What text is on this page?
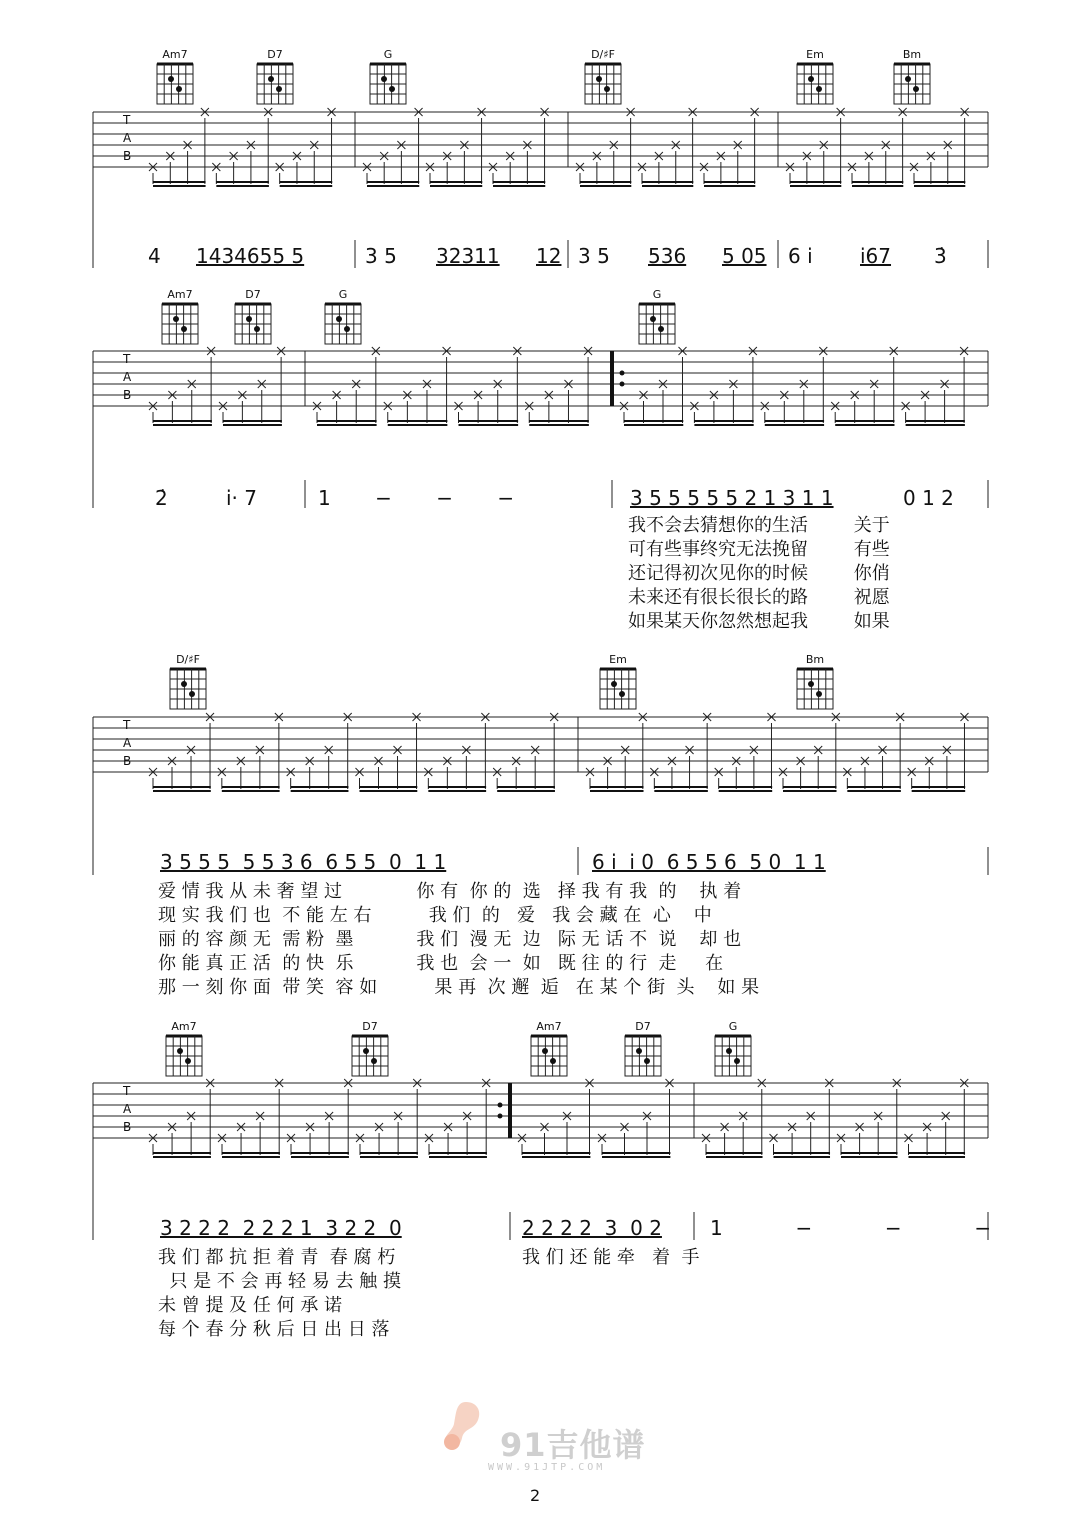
T
A
B
T
A
B
T
A
B
T
A
B
Am7	D7	G	D/♯F	Em	Bm
Am7	D7	G	G
D/♯F	Em	Bm
Am7	D7	Am7	D7	G
4 1434655 5	3 5 32311 12 3 5 536 5 05 6 i i67 3̇
2̇	i· 7	1 − − −	3 5 5 5 5 5 2 1 3 1 1	0 1 2
我不会去猜想你的生活        关于
可有些事终究无法挽留        有些
还记得初次见你的时候        你俏
未来还有很长很长的路        祝愿
如果某天你忽然想起我        如果
3 5 5 5  5 5 3 6  6 5 5  0  1 1	6 i  i 0  6 5 5 6  5 0  1 1
爱 情 我 从 未 奢 望 过             你 有  你 的  选   择 我 有 我  的    执 着
现 实 我 们 也  不 能 左 右          我 们  的   爱   我 会 藏 在  心    中
丽 的 容 颜 无  需 粉  墨           我 们  漫 无  边   际 无 话 不  说    却 也
你 能 真 正 活  的 快  乐           我 也  会 一  如   既 往 的 行  走     在
那 一 刻 你 面  带 笑  容 如          果 再  次 邂  逅   在 某 个 街  头    如 果
3 2 2 2  2 2 2 1  3 2 2  0	2 2 2 2  3  0 2 1  −  −  −
我 们 都 抗 拒 着 青  春 腐 朽
只 是 不 会 再 轻 易 去 触 摸
未 曾 提 及 任 何 承 诺
每 个 春 分 秋 后 日 出 日 落
我 们 还 能 牵   着  手
91吉他谱
WWW.91JTP.COM
2
